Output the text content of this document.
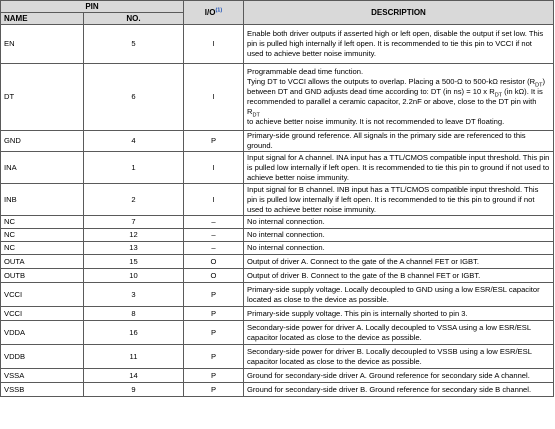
PIN		$I/O^{(1)}$	DESCRIPTION
NAME	NO.		
EN	5	I	Enable both driver outputs if asserted high or left open, disable the output if set low. This pin is pulled high internally if left open. It is recommended to tie this pin to VCCI if not used to achieve better noise immunity.

DT	6	I	Programmable dead time function.
Tying DT to VCCI allows the outputs to overlap. Placing a 500-Ω to 500-kΩ resistor $(R_{DT})$
between DT and GND adjusts dead time according to: DT (in ns) = 10 x $R_{DT}$ (in kΩ). It is
recommended to parallel a ceramic capacitor, 2.2nF or above, close to the DT pin with $R_{DT}$
to achieve better noise immunity. It is not recommended to leave DT floating.

GND	4	P	Primary-side ground reference. All signals in the primary side are referenced to this ground.

INA	1	I	Input signal for A channel. INA input has a TTL/CMOS compatible input threshold. This pin is pulled low internally if left open. It is recommended to tie this pin to ground if not used to achieve better noise immunity.

INB	2	I	Input signal for B channel. INB input has a TTL/CMOS compatible input threshold. This pin is pulled low internally if left open. It is recommended to tie this pin to ground if not used to achieve better noise immunity.

NC	7	–	No internal connection.

NC	12	–	No internal connection.

NC	13	–	No internal connection.

OUTA	15	O	Output of driver A. Connect to the gate of the A channel FET or IGBT.

OUTB	10	O	Output of driver B. Connect to the gate of the B channel FET or IGBT.

VCCI	3	P	Primary-side supply voltage. Locally decoupled to GND using a low ESR/ESL capacitor located as close to the device as possible.

VCCI	8	P	Primary-side supply voltage. This pin is internally shorted to pin 3.

VDDA	16	P	Secondary-side power for driver A. Locally decoupled to VSSA using a low ESR/ESL capacitor located as close to the device as possible.

VDDB	11	P	Secondary-side power for driver B. Locally decoupled to VSSB using a low ESR/ESL capacitor located as close to the device as possible.

VSSA	14	P	Ground for secondary-side driver A. Ground reference for secondary side A channel.

VSSB	9	P	Ground for secondary-side driver B. Ground reference for secondary side B channel.
